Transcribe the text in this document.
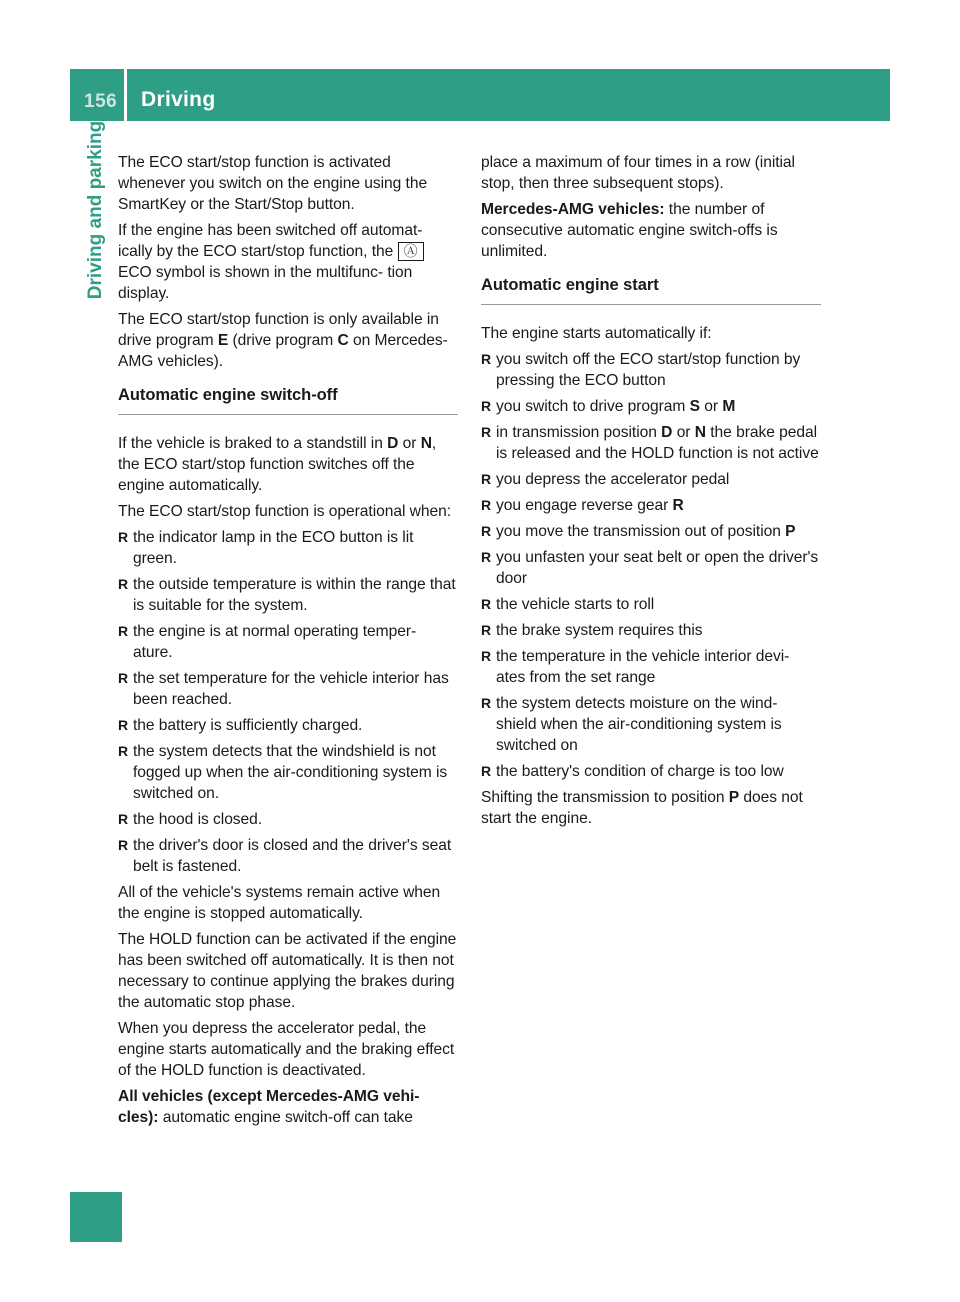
156 Driving
Driving and parking The ECO start/stop function is activated whenever you switch on the engine using the SmartKey or the Start/Stop button.

If the engine has been switched off automat- ically by the ECO start/stop function, the Ⓐ ECO symbol is shown in the multifunc- tion display.

The ECO start/stop function is only available in drive program E (drive program C on Mercedes-AMG vehicles).

Automatic engine switch-off

If the vehicle is braked to a standstill in D or N, the ECO start/stop function switches off the engine automatically.

The ECO start/stop function is operational when:

R the indicator lamp in the ECO button is lit green.
R the outside temperature is within the range that is suitable for the system.
R the engine is at normal operating temper- ature.
R the set temperature for the vehicle interior has been reached.
R the battery is sufficiently charged.
R the system detects that the windshield is not fogged up when the air-conditioning system is switched on.
R the hood is closed.
R the driver's door is closed and the driver's seat belt is fastened.

All of the vehicle's systems remain active when the engine is stopped automatically.

The HOLD function can be activated if the engine has been switched off automatically. It is then not necessary to continue applying the brakes during the automatic stop phase.

When you depress the accelerator pedal, the engine starts automatically and the braking effect of the HOLD function is deactivated.

All vehicles (except Mercedes-AMG vehi- cles): automatic engine switch-off can take

place a maximum of four times in a row (initial stop, then three subsequent stops).

Mercedes-AMG vehicles: the number of consecutive automatic engine switch-offs is unlimited.

Automatic engine start

The engine starts automatically if:

R you switch off the ECO start/stop function by pressing the ECO button
R you switch to drive program S or M
R in transmission position D or N the brake pedal is released and the HOLD function is not active
R you depress the accelerator pedal
R you engage reverse gear R
R you move the transmission out of position P
R you unfasten your seat belt or open the driver's door
R the vehicle starts to roll
R the brake system requires this
R the temperature in the vehicle interior devi- ates from the set range
R the system detects moisture on the wind- shield when the air-conditioning system is switched on
R the battery's condition of charge is too low

Shifting the transmission to position P does not start the engine.
